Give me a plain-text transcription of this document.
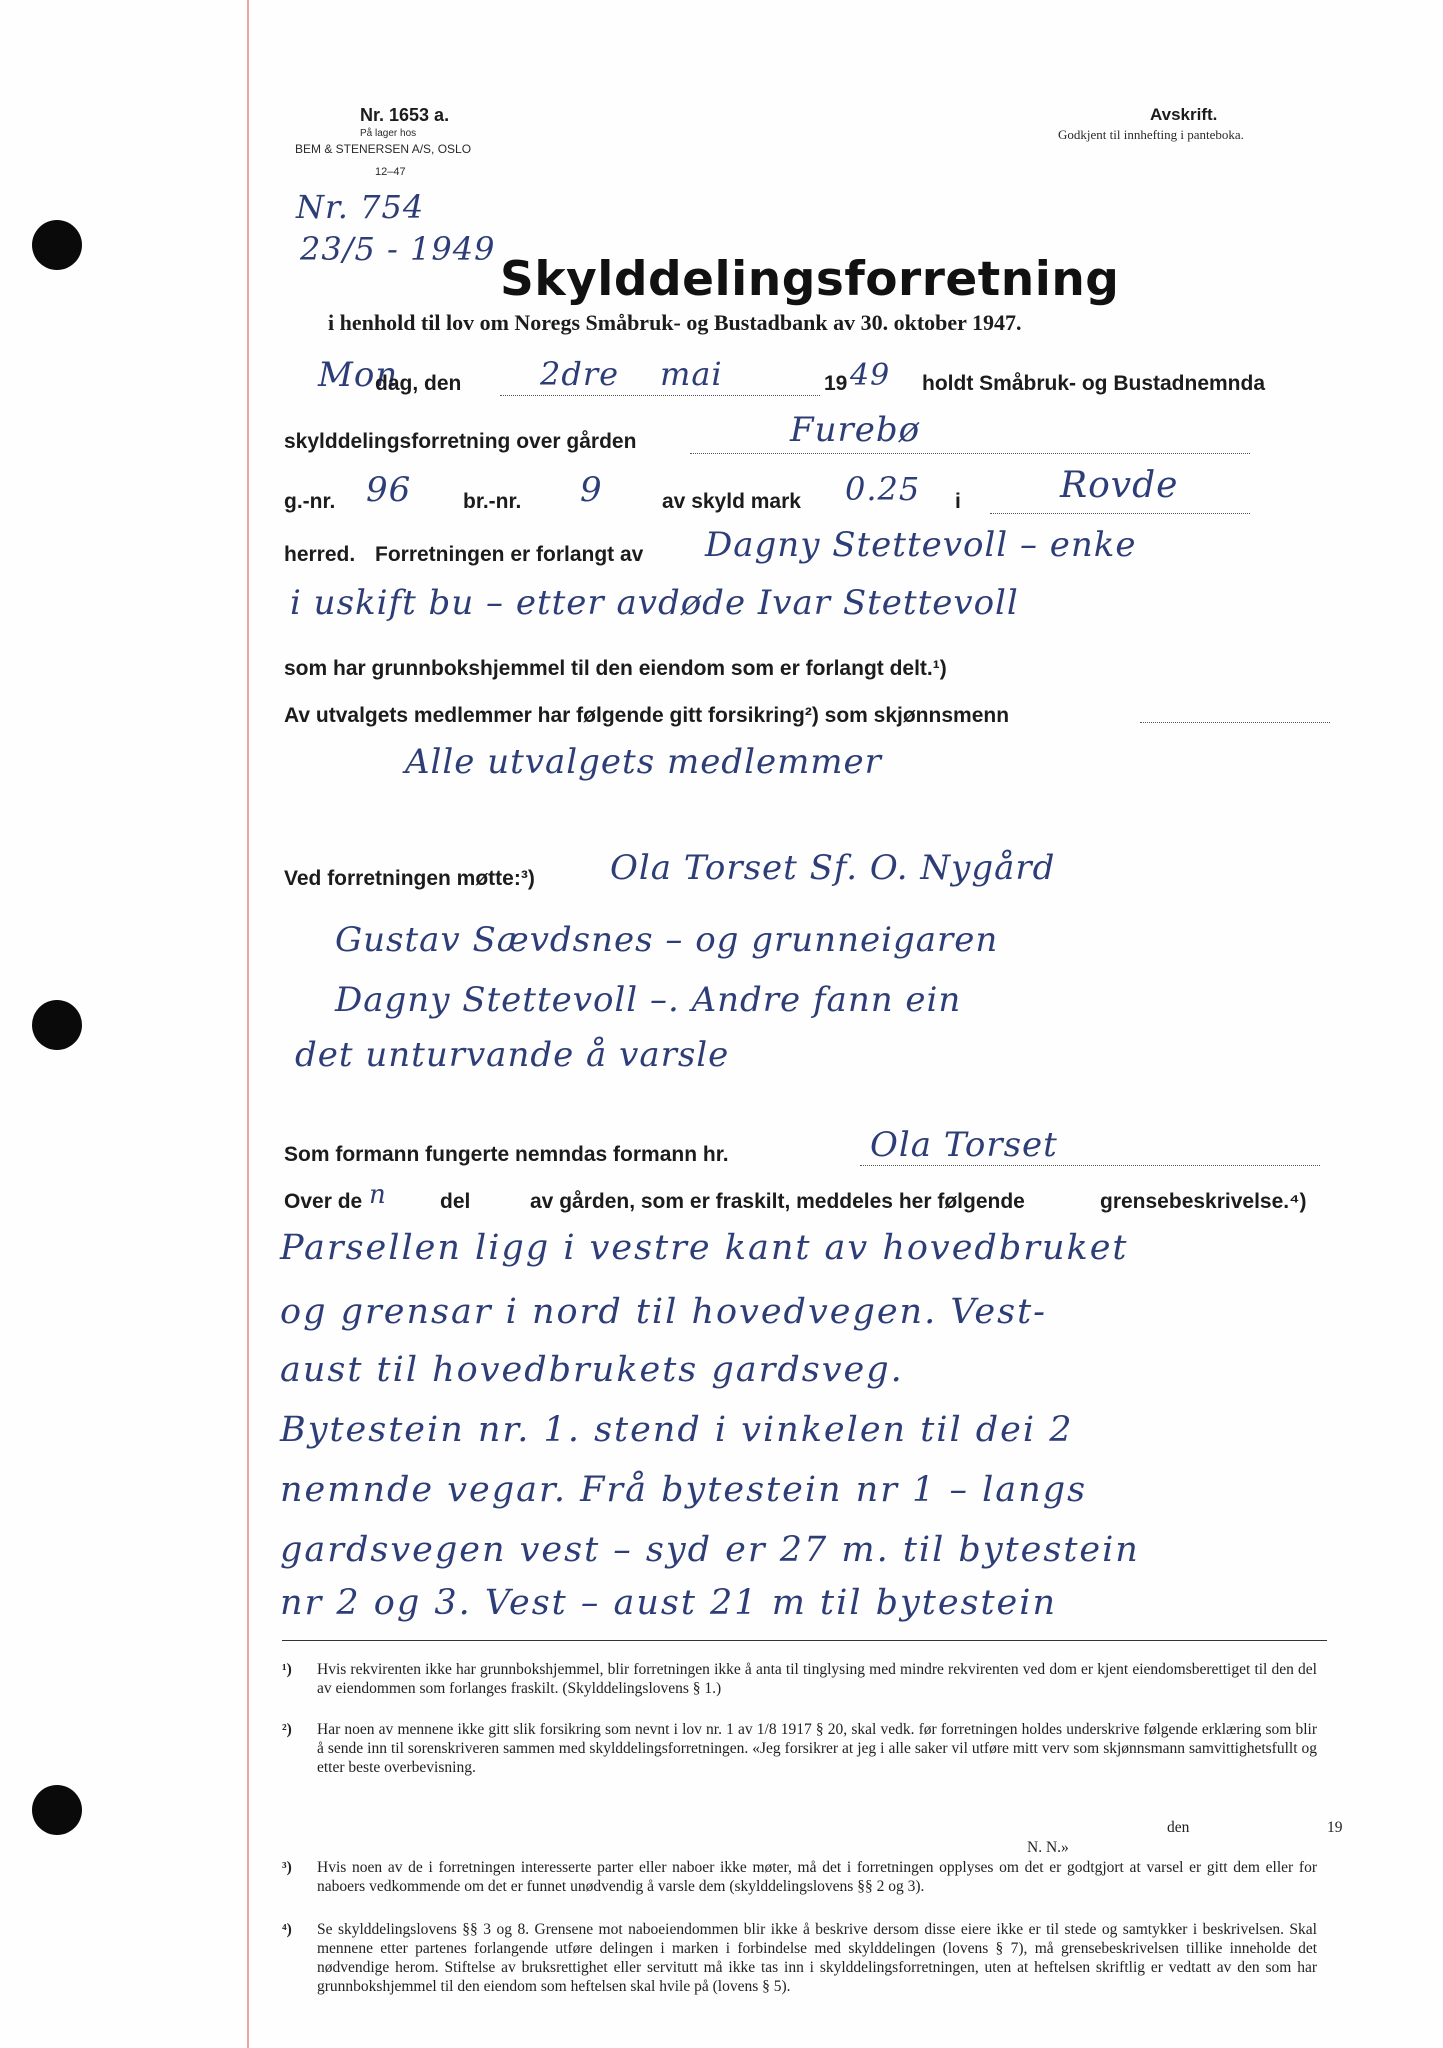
Nr. 1653 a.
På lager hos
BEM & STENERSEN A/S, OSLO
12–47
Avskrift.
Godkjent til innhefting i panteboka.
Nr. 754
23/5 - 1949
Skylddelingsforretning
i henhold til lov om Noregs Småbruk- og Bustadbank av 30. oktober 1947.
Mon
dag, den 2dre mai	19 49 holdt Småbruk- og Bustadnemnda
skylddelingsforretning over gården	Furebø
g.-nr. 96 br.-nr. 9	av skyld mark 0.25 i	Rovde
herred. Forretningen er forlangt av Dagny Stettevoll – enke
i uskift bu – etter avdøde Ivar Stettevoll
som har grunnbokshjemmel til den eiendom som er forlangt delt.¹)
Av utvalgets medlemmer har følgende gitt forsikring²) som skjønnsmenn
Alle utvalgets medlemmer
Ved forretningen møtte:³) Ola Torset Sf. O. Nygård
Gustav Sævdsnes – og grunneigaren
Dagny Stettevoll –. Andre fann ein
det unturvande å varsle
Som formann fungerte nemndas formann hr.	Ola Torset
Over de n	del	av gården, som er fraskilt, meddeles her følgende	grensebeskrivelse.⁴)
Parsellen ligg i vestre kant av hovedbruket
og grensar i nord til hovedvegen. Vest-
aust til hovedbrukets gardsveg.
Bytestein nr. 1. stend i vinkelen til dei 2
nemnde vegar. Frå bytestein nr 1 – langs
gardsvegen vest – syd er 27 m. til bytestein
nr 2 og 3. Vest – aust 21 m til bytestein
¹) Hvis rekvirenten ikke har grunnbokshjemmel, blir forretningen ikke å anta til tinglysing med mindre rekvirenten ved dom er kjent eiendomsberettiget til den del av eiendommen som forlanges fraskilt. (Skylddelingslovens § 1.)
²) Har noen av mennene ikke gitt slik forsikring som nevnt i lov nr. 1 av 1/8 1917 § 20, skal vedk. før forretningen holdes underskrive følgende erklæring som blir å sende inn til sorenskriveren sammen med skylddelingsforretningen. «Jeg forsikrer at jeg i alle saker vil utføre mitt verv som skjønnsmann samvittighetsfullt og etter beste overbevisning.
den	19
N. N.»
³) Hvis noen av de i forretningen interesserte parter eller naboer ikke møter, må det i forretningen opplyses om det er godtgjort at varsel er gitt dem eller for naboers vedkommende om det er funnet unødvendig å varsle dem (skylddelingslovens §§ 2 og 3).
⁴) Se skylddelingslovens §§ 3 og 8. Grensene mot naboeiendommen blir ikke å beskrive dersom disse eiere ikke er til stede og samtykker i beskrivelsen. Skal mennene etter partenes forlangende utføre delingen i marken i forbindelse med skylddelingen (lovens § 7), må grensebeskrivelsen tillike inneholde det nødvendige herom. Stiftelse av bruksrettighet eller servitutt må ikke tas inn i skylddelingsforretningen, uten at heftelsen skriftlig er vedtatt av den som har grunnbokshjemmel til den eiendom som heftelsen skal hvile på (lovens § 5).
